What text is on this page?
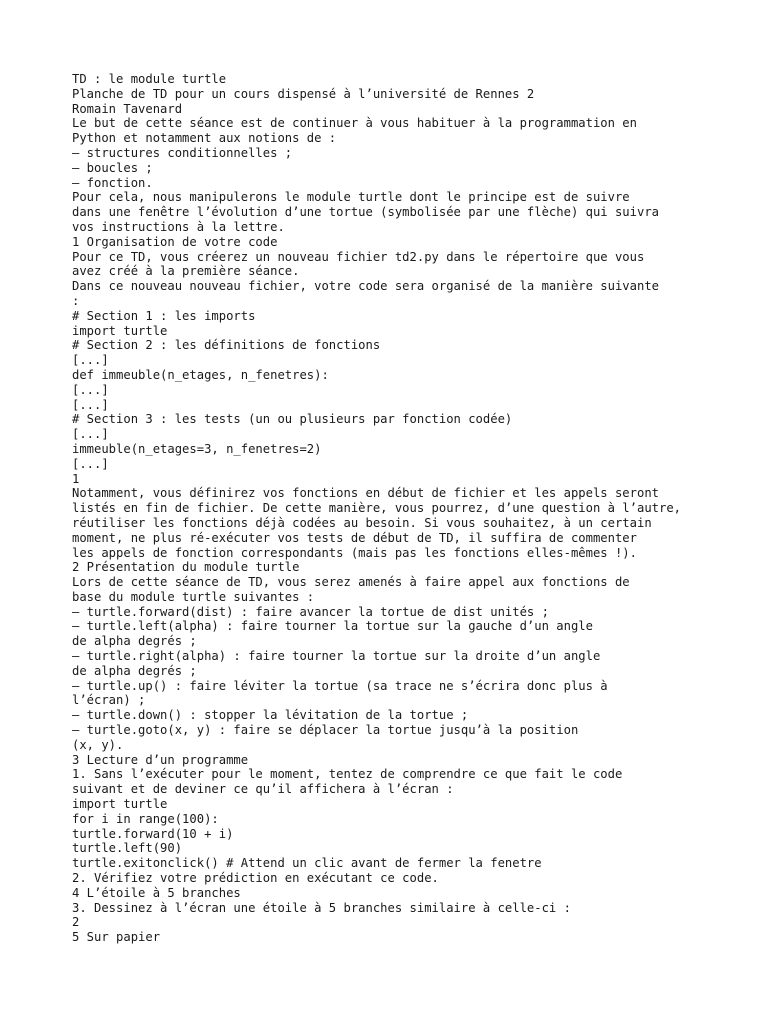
TD : le module turtle
Planche de TD pour un cours dispensé à l’université de Rennes 2
Romain Tavenard
Le but de cette séance est de continuer à vous habituer à la programmation en
Python et notamment aux notions de :
— structures conditionnelles ;
— boucles ;
— fonction.
Pour cela, nous manipulerons le module turtle dont le principe est de suivre
dans une fenêtre l’évolution d’une tortue (symbolisée par une flèche) qui suivra
vos instructions à la lettre.
1 Organisation de votre code
Pour ce TD, vous créerez un nouveau fichier td2.py dans le répertoire que vous
avez créé à la première séance.
Dans ce nouveau nouveau fichier, votre code sera organisé de la manière suivante
:
# Section 1 : les imports
import turtle
# Section 2 : les définitions de fonctions
[...]
def immeuble(n_etages, n_fenetres):
[...]
[...]
# Section 3 : les tests (un ou plusieurs par fonction codée)
[...]
immeuble(n_etages=3, n_fenetres=2)
[...]
1
Notamment, vous définirez vos fonctions en début de fichier et les appels seront
listés en fin de fichier. De cette manière, vous pourrez, d’une question à l’autre,
réutiliser les fonctions déjà codées au besoin. Si vous souhaitez, à un certain
moment, ne plus ré-exécuter vos tests de début de TD, il suffira de commenter
les appels de fonction correspondants (mais pas les fonctions elles-mêmes !).
2 Présentation du module turtle
Lors de cette séance de TD, vous serez amenés à faire appel aux fonctions de
base du module turtle suivantes :
— turtle.forward(dist) : faire avancer la tortue de dist unités ;
— turtle.left(alpha) : faire tourner la tortue sur la gauche d’un angle
de alpha degrés ;
— turtle.right(alpha) : faire tourner la tortue sur la droite d’un angle
de alpha degrés ;
— turtle.up() : faire léviter la tortue (sa trace ne s’écrira donc plus à
l’écran) ;
— turtle.down() : stopper la lévitation de la tortue ;
— turtle.goto(x, y) : faire se déplacer la tortue jusqu’à la position
(x, y).
3 Lecture d’un programme
1. Sans l’exécuter pour le moment, tentez de comprendre ce que fait le code
suivant et de deviner ce qu’il affichera à l’écran :
import turtle
for i in range(100):
turtle.forward(10 + i)
turtle.left(90)
turtle.exitonclick() # Attend un clic avant de fermer la fenetre
2. Vérifiez votre prédiction en exécutant ce code.
4 L’étoile à 5 branches
3. Dessinez à l’écran une étoile à 5 branches similaire à celle-ci :
2
5 Sur papier
